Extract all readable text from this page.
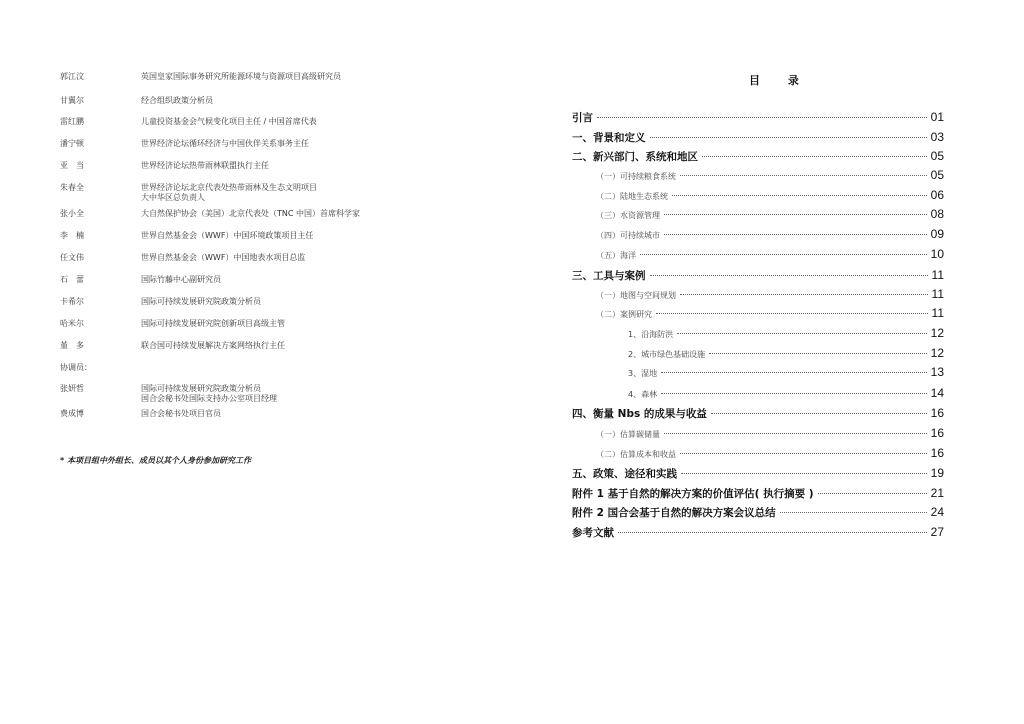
郭江汶	英国皇家国际事务研究所能源环境与资源项目高级研究员
甘翼尔	经合组织政策分析员
雷红鹏	儿童投资基金会气候变化项目主任 / 中国首席代表
潘宁顿	世界经济论坛循环经济与中国伙伴关系事务主任
亚　当	世界经济论坛热带雨林联盟执行主任
朱春全	世界经济论坛北京代表处热带雨林及生态文明项目
大中华区总负责人
张小全	大自然保护协会（美国）北京代表处（TNC 中国）首席科学家
李　楠	世界自然基金会（WWF）中国环境政策项目主任
任文伟	世界自然基金会（WWF）中国地表水项目总监
石　蕾	国际竹藤中心副研究员
卡希尔	国际可持续发展研究院政策分析员
哈米尔	国际可持续发展研究院创新项目高级主管
堇　多	联合国可持续发展解决方案网络执行主任
协调员：
张妍哲	国际可持续发展研究院政策分析员
国合会秘书处国际支持办公室项目经理
费成博	国合会秘书处项目官员
* 本项目组中外组长、成员以其个人身份参加研究工作
目 录
引言	01
一、背景和定义	03
二、新兴部门、系统和地区	05
（一）可持续粮食系统	05
（二）陆地生态系统	06
（三）水资源管理	08
（四）可持续城市	09
（五）海洋	10
三、工具与案例	11
（一）地图与空间规划	11
（二）案例研究	11
1、沿海防洪	12
2、城市绿色基础设施	12
3、湿地	13
4、森林	14
四、衡量 Nbs 的成果与收益	16
（一）估算碳储量	16
（二）估算成本和收益	16
五、政策、途径和实践	19
附件 1 基于自然的解决方案的价值评估( 执行摘要 )	21
附件 2 国合会基于自然的解决方案会议总结	24
参考文献	27
